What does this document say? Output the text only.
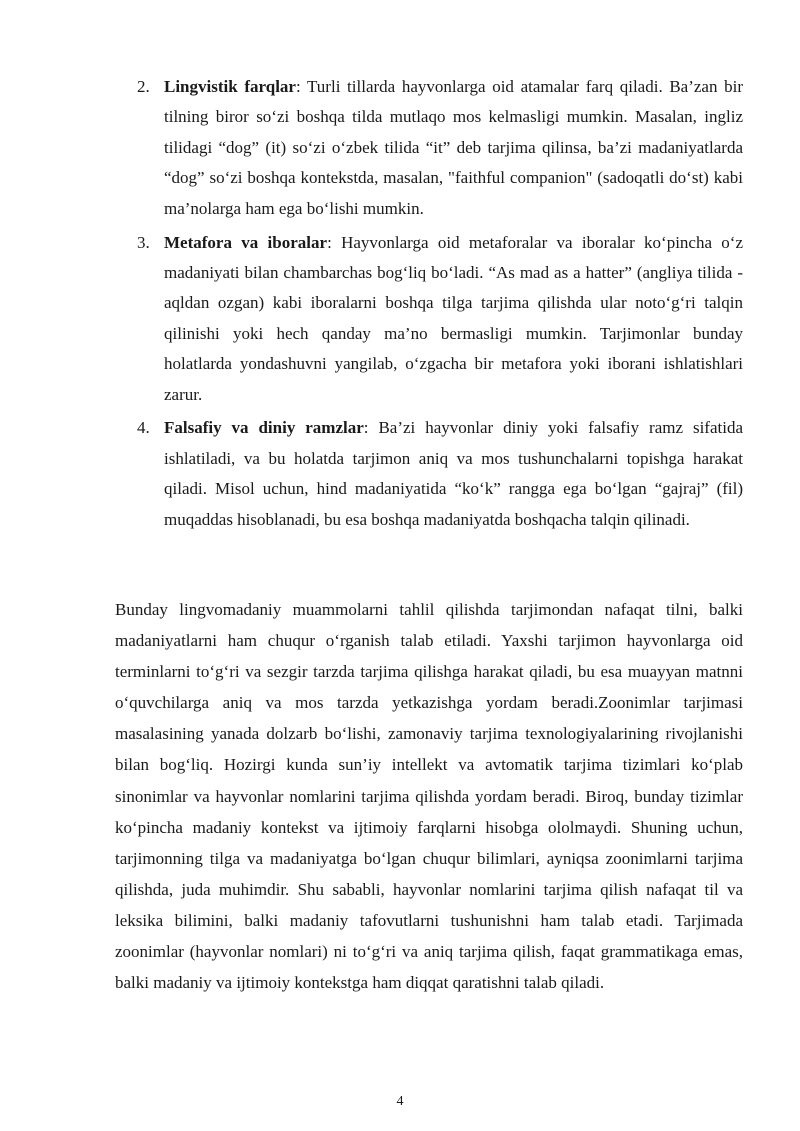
2. Lingvistik farqlar: Turli tillarda hayvonlarga oid atamalar farq qiladi. Ba’zan bir tilning biror so‘zi boshqa tilda mutlaqo mos kelmasligi mumkin. Masalan, ingliz tilidagi “dog” (it) so‘zi o‘zbek tilida “it” deb tarjima qilinsa, ba’zi madaniyatlarda “dog” so‘zi boshqa kontekstda, masalan, "faithful companion" (sadoqatli do‘st) kabi ma’nolarga ham ega bo‘lishi mumkin.
3. Metafora va iboralar: Hayvonlarga oid metaforalar va iboralar ko‘pincha o‘z madaniyati bilan chambarchas bog‘liq bo‘ladi. “As mad as a hatter” (angliya tilida - aqldan ozgan) kabi iboralarni boshqa tilga tarjima qilishda ular noto‘g‘ri talqin qilinishi yoki hech qanday ma’no bermasligi mumkin. Tarjimonlar bunday holatlarda yondashuvni yangilab, o‘zgacha bir metafora yoki iborani ishlatishlari zarur.
4. Falsafiy va diniy ramzlar: Ba’zi hayvonlar diniy yoki falsafiy ramz sifatida ishlatiladi, va bu holatda tarjimon aniq va mos tushunchalarni topishga harakat qiladi. Misol uchun, hind madaniyatida “ko‘k” rangga ega bo‘lgan “gajraj” (fil) muqaddas hisoblanadi, bu esa boshqa madaniyatda boshqacha talqin qilinadi.

Bunday lingvomadaniy muammolarni tahlil qilishda tarjimondan nafaqat tilni, balki madaniyatlarni ham chuqur o‘rganish talab etiladi. Yaxshi tarjimon hayvonlarga oid terminlarni to‘g‘ri va sezgir tarzda tarjima qilishga harakat qiladi, bu esa muayyan matnni o‘quvchilarga aniq va mos tarzda yetkazishga yordam beradi.Zoonimlar tarjimasi masalasining yanada dolzarb bo‘lishi, zamonaviy tarjima texnologiyalarining rivojlanishi bilan bog‘liq. Hozirgi kunda sun’iy intellekt va avtomatik tarjima tizimlari ko‘plab sinonimlar va hayvonlar nomlarini tarjima qilishda yordam beradi. Biroq, bunday tizimlar ko‘pincha madaniy kontekst va ijtimoiy farqlarni hisobga ololmaydi. Shuning uchun, tarjimonning tilga va madaniyatga bo‘lgan chuqur bilimlari, ayniqsa zoonimlarni tarjima qilishda, juda muhimdir. Shu sababli, hayvonlar nomlarini tarjima qilish nafaqat til va leksika bilimini, balki madaniy tafovutlarni tushunishni ham talab etadi. Tarjimada zoonimlar (hayvonlar nomlari) ni to‘g‘ri va aniq tarjima qilish, faqat grammatikaga emas, balki madaniy va ijtimoiy kontekstga ham diqqat qaratishni talab qiladi.

4
